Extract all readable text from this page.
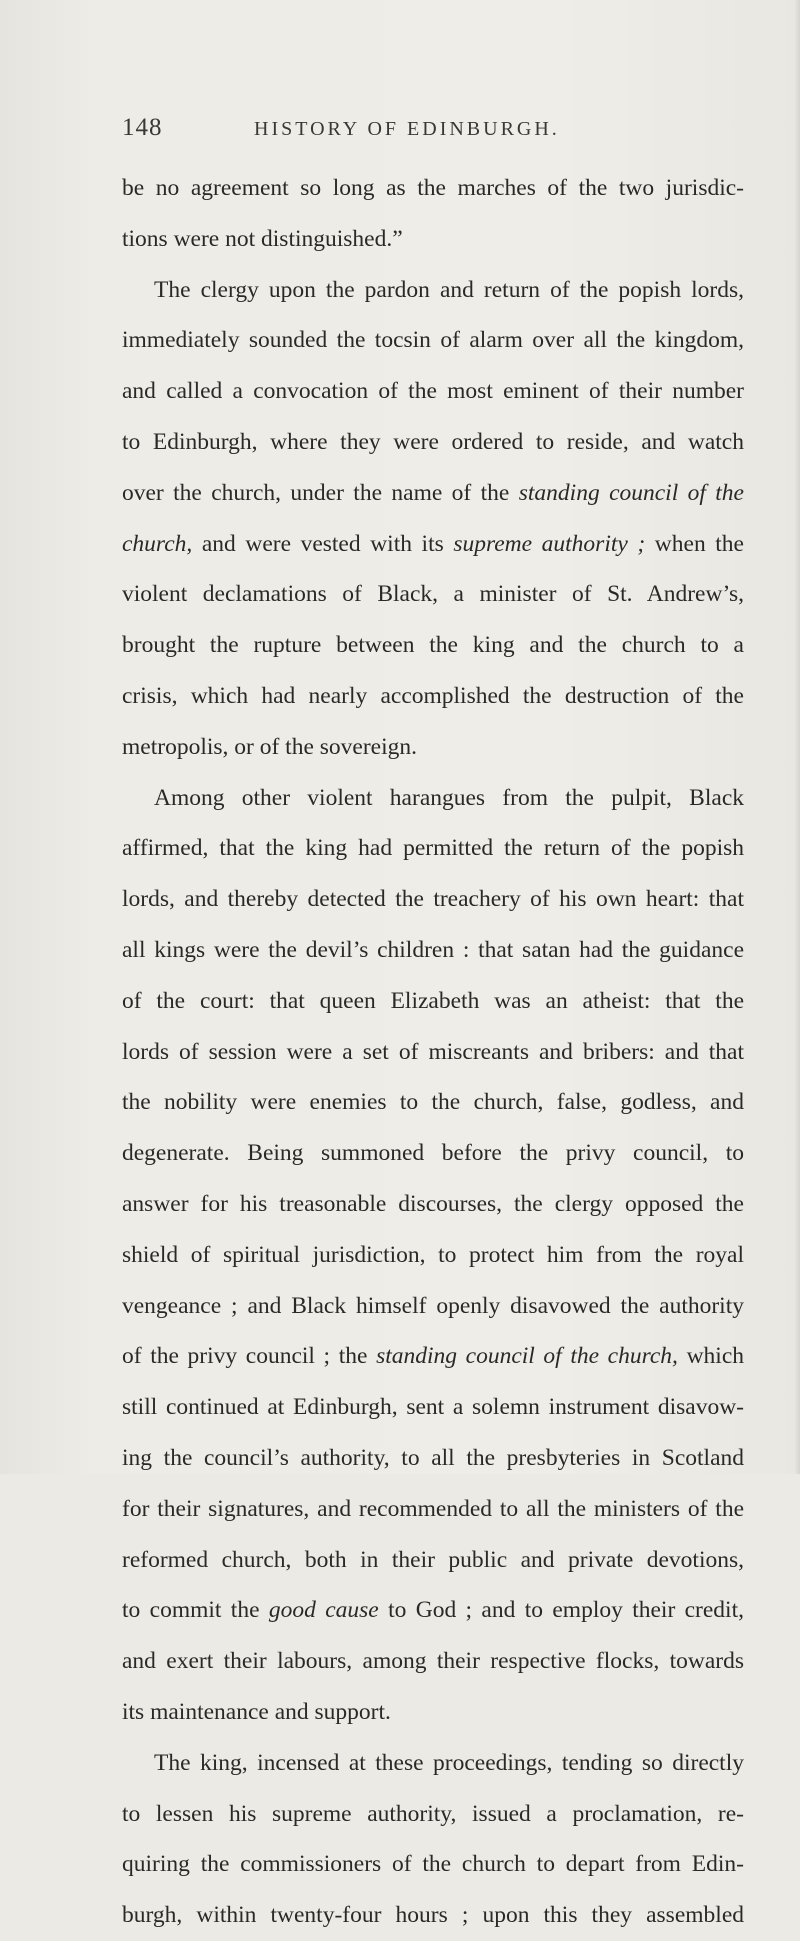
148	HISTORY OF EDINBURGH.
be no agreement so long as the marches of the two jurisdic-
tions were not distinguished.”
The clergy upon the pardon and return of the popish lords,
immediately sounded the tocsin of alarm over all the kingdom,
and called a convocation of the most eminent of their number
to Edinburgh, where they were ordered to reside, and watch
over the church, under the name of the standing council of the
church, and were vested with its supreme authority ; when the
violent declamations of Black, a minister of St. Andrew’s,
brought the rupture between the king and the church to a
crisis, which had nearly accomplished the destruction of the
metropolis, or of the sovereign.
Among other violent harangues from the pulpit, Black
affirmed, that the king had permitted the return of the popish
lords, and thereby detected the treachery of his own heart: that
all kings were the devil’s children : that satan had the guidance
of the court: that queen Elizabeth was an atheist: that the
lords of session were a set of miscreants and bribers: and that
the nobility were enemies to the church, false, godless, and
degenerate. Being summoned before the privy council, to
answer for his treasonable discourses, the clergy opposed the
shield of spiritual jurisdiction, to protect him from the royal
vengeance ; and Black himself openly disavowed the authority
of the privy council ; the standing council of the church, which
still continued at Edinburgh, sent a solemn instrument disavow-
ing the council’s authority, to all the presbyteries in Scotland
for their signatures, and recommended to all the ministers of the
reformed church, both in their public and private devotions,
to commit the good cause to God ; and to employ their credit,
and exert their labours, among their respective flocks, towards
its maintenance and support.
The king, incensed at these proceedings, tending so directly
to lessen his supreme authority, issued a proclamation, re-
quiring the commissioners of the church to depart from Edin-
burgh, within twenty-four hours ; upon this they assembled
